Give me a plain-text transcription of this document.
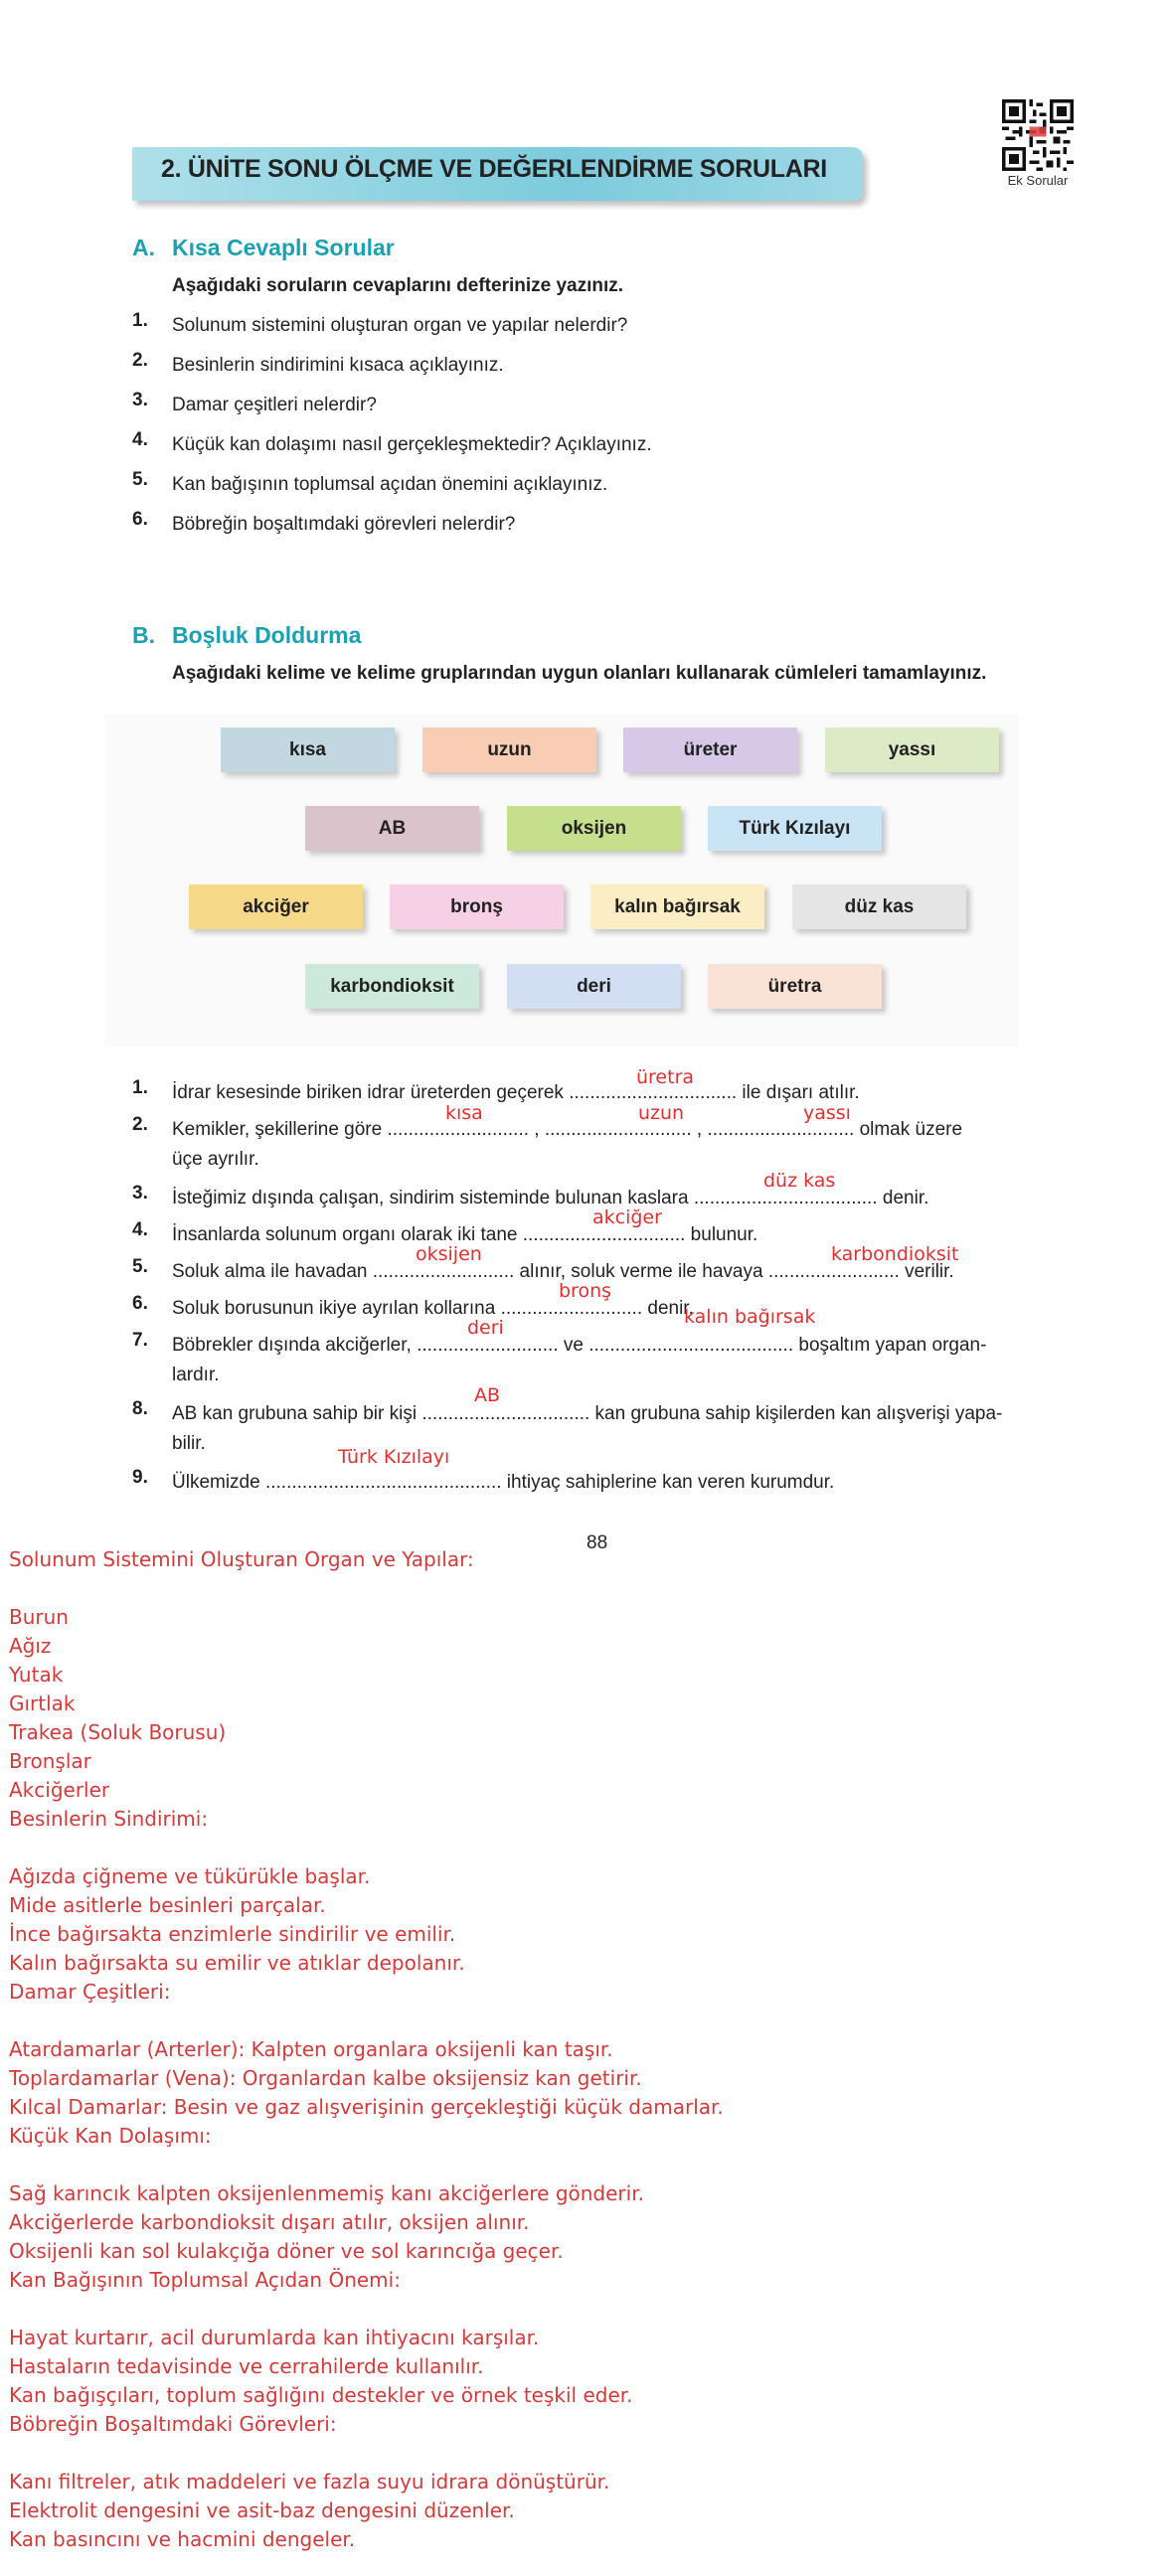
2. ÜNİTE SONU ÖLÇME VE DEĞERLENDİRME SORULARI	Ek Sorular
A. Kısa Cevaplı Sorular
Aşağıdaki soruların cevaplarını defterinize yazınız.
1.	Solunum sistemini oluşturan organ ve yapılar nelerdir?
2.	Besinlerin sindirimini kısaca açıklayınız.
3.	Damar çeşitleri nelerdir?
4.	Küçük kan dolaşımı nasıl gerçekleşmektedir? Açıklayınız.
5.	Kan bağışının toplumsal açıdan önemini açıklayınız.
6.	Böbreğin boşaltımdaki görevleri nelerdir?
B. Boşluk Doldurma
Aşağıdaki kelime ve kelime gruplarından uygun olanları kullanarak cümleleri tamamlayınız.
kısa	uzun	üreter	yassı
AB	oksijen	Türk Kızılayı
akciğer	bronş	kalın bağırsak	düz kas
karbondioksit	deri	üretra
1.	İdrar kesesinde biriken idrar üreterden geçerek ................................ ile dışarı atılır.
2.	Kemikler, şekillerine göre ........................... , ............................ , ............................ olmak üzere
üçe ayrılır.
3.	İsteğimiz dışında çalışan, sindirim sisteminde bulunan kaslara ................................... denir.
4.	İnsanlarda solunum organı olarak iki tane ............................... bulunur.
5.	Soluk alma ile havadan ........................... alınır, soluk verme ile havaya ......................... verilir.
6.	Soluk borusunun ikiye ayrılan kollarına ........................... denir.
7.	Böbrekler dışında akciğerler, ........................... ve ....................................... boşaltım yapan organ-
lardır.
8.	AB kan grubuna sahip bir kişi ................................ kan grubuna sahip kişilerden kan alışverişi yapa-
bilir.
9.	Ülkemizde ............................................. ihtiyaç sahiplerine kan veren kurumdur.
üretra
kısa	uzun	yassı
düz kas
akciğer
oksijen	karbondioksit
bronş
deri	kalın bağırsak
AB
Türk Kızılayı
88
Solunum Sistemini Oluşturan Organ ve Yapılar:
Burun
Ağız
Yutak
Gırtlak
Trakea (Soluk Borusu)
Bronşlar
Akciğerler
Besinlerin Sindirimi:
Ağızda çiğneme ve tükürükle başlar.
Mide asitlerle besinleri parçalar.
İnce bağırsakta enzimlerle sindirilir ve emilir.
Kalın bağırsakta su emilir ve atıklar depolanır.
Damar Çeşitleri:
Atardamarlar (Arterler): Kalpten organlara oksijenli kan taşır.
Toplardamarlar (Vena): Organlardan kalbe oksijensiz kan getirir.
Kılcal Damarlar: Besin ve gaz alışverişinin gerçekleştiği küçük damarlar.
Küçük Kan Dolaşımı:
Sağ karıncık kalpten oksijenlenmemiş kanı akciğerlere gönderir.
Akciğerlerde karbondioksit dışarı atılır, oksijen alınır.
Oksijenli kan sol kulakçığa döner ve sol karıncığa geçer.
Kan Bağışının Toplumsal Açıdan Önemi:
Hayat kurtarır, acil durumlarda kan ihtiyacını karşılar.
Hastaların tedavisinde ve cerrahilerde kullanılır.
Kan bağışçıları, toplum sağlığını destekler ve örnek teşkil eder.
Böbreğin Boşaltımdaki Görevleri:
Kanı filtreler, atık maddeleri ve fazla suyu idrara dönüştürür.
Elektrolit dengesini ve asit-baz dengesini düzenler.
Kan basıncını ve hacmini dengeler.
